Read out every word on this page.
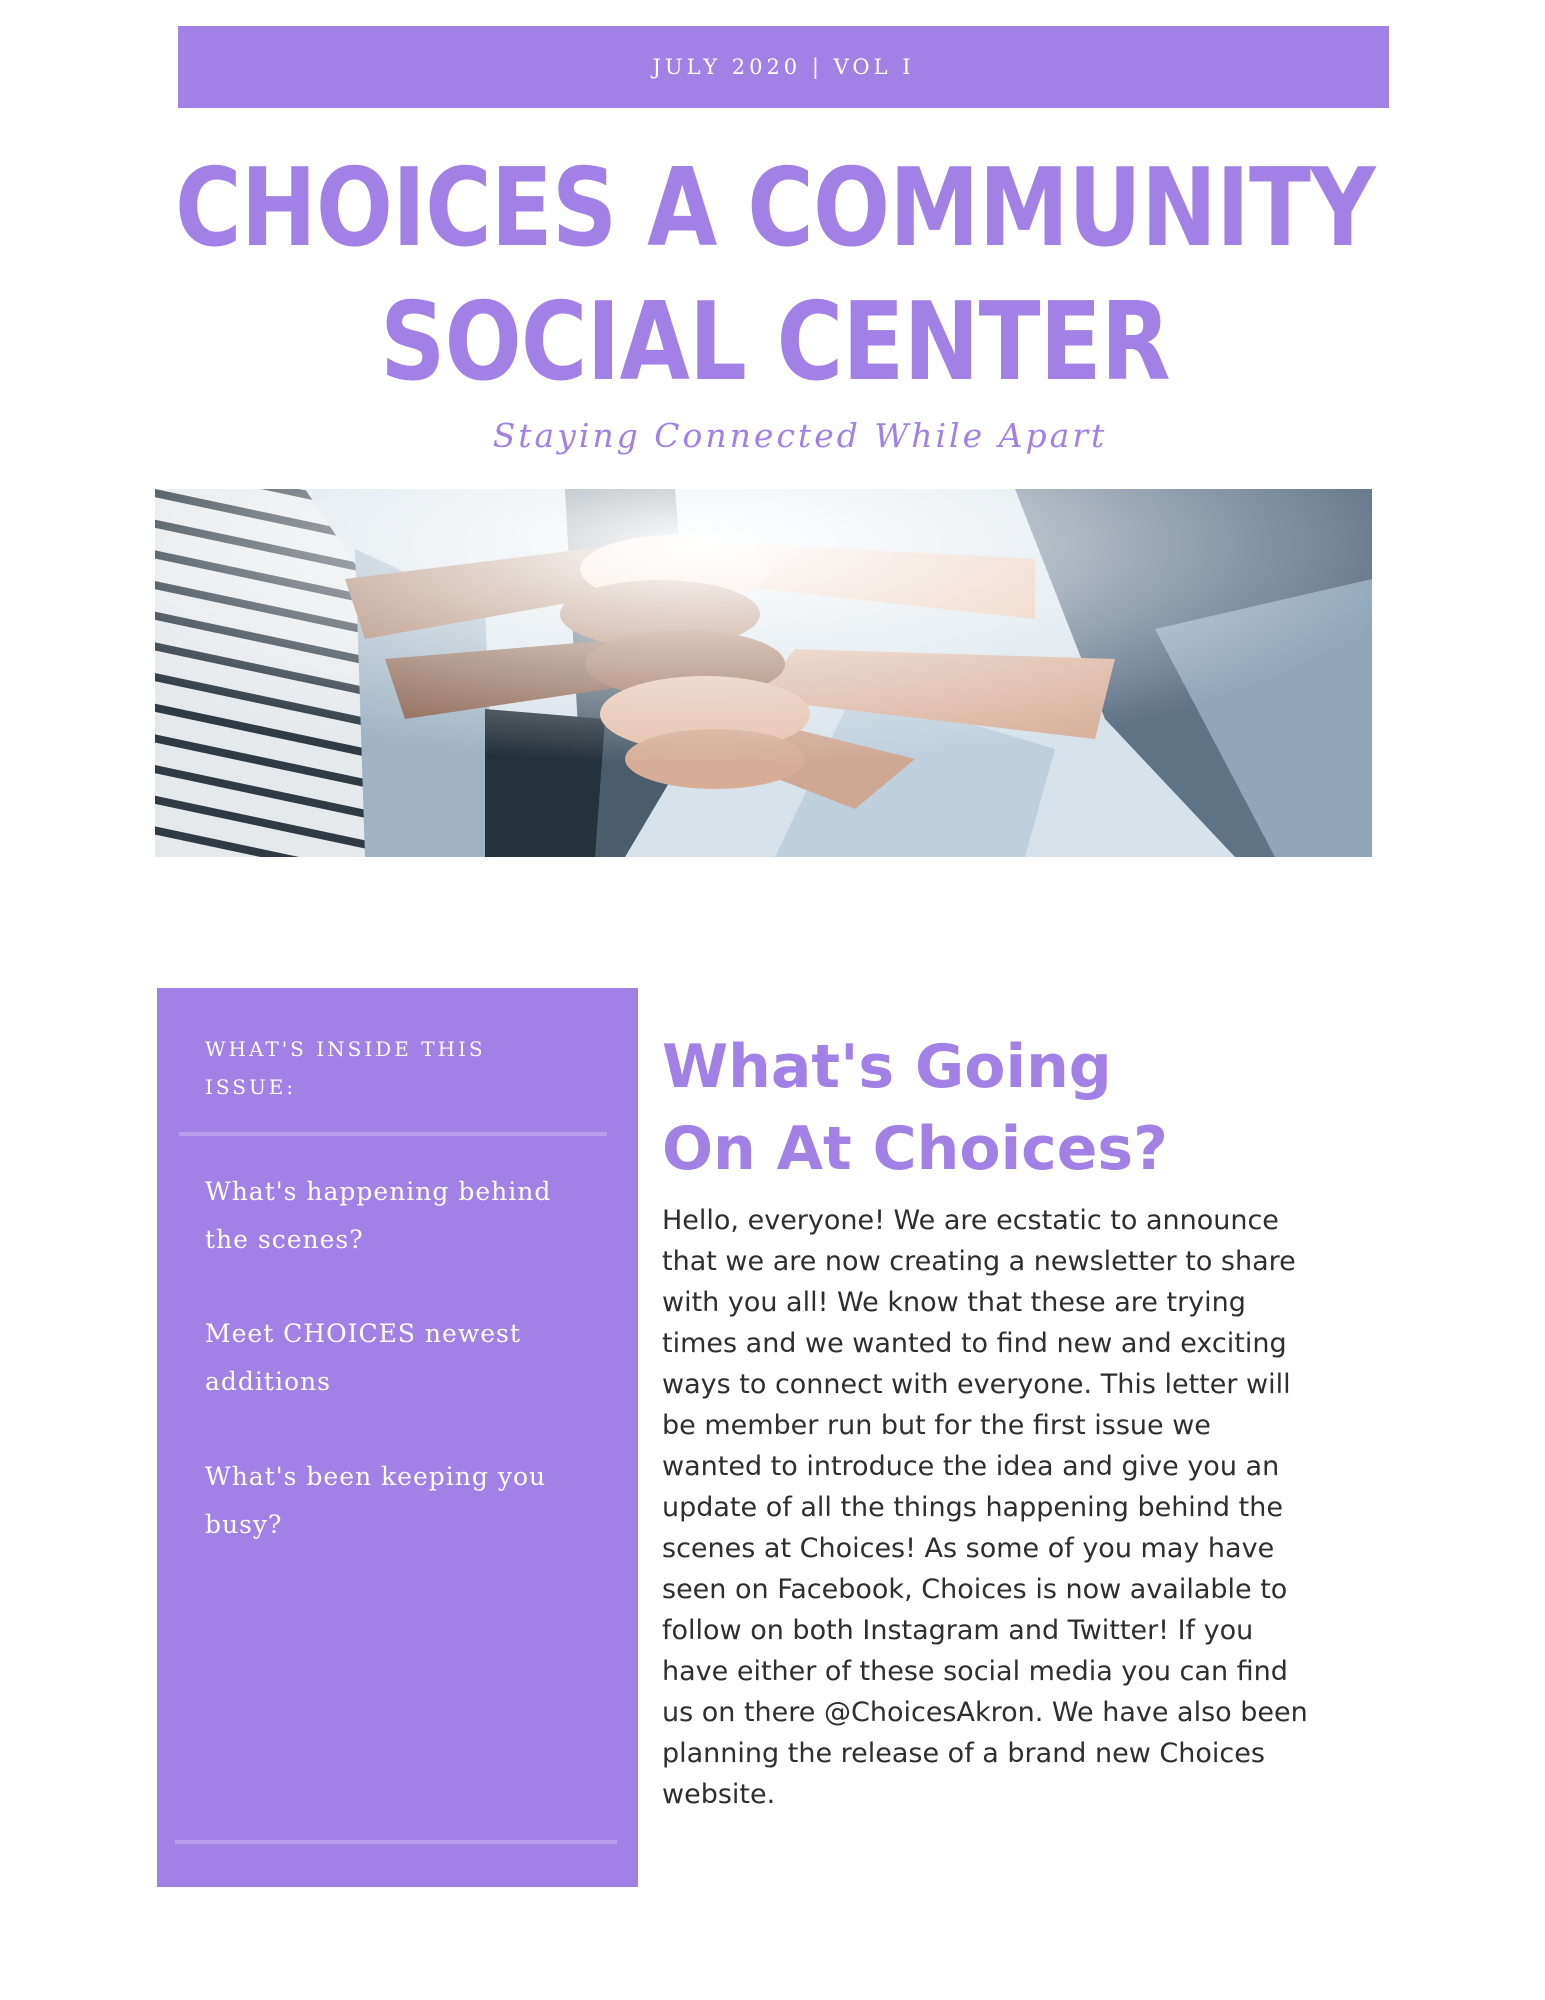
JULY 2020 | VOL I
CHOICES A COMMUNITY
SOCIAL CENTER
Staying Connected While Apart
WHAT'S INSIDE THIS ISSUE:
What's happening behind the scenes?
Meet CHOICES newest additions
What's been keeping you busy?
What's Going
On At Choices?

Hello, everyone! We are ecstatic to announce that we are now creating a newsletter to share with you all! We know that these are trying times and we wanted to find new and exciting ways to connect with everyone. This letter will be member run but for the first issue we wanted to introduce the idea and give you an update of all the things happening behind the scenes at Choices! As some of you may have seen on Facebook, Choices is now available to follow on both Instagram and Twitter! If you have either of these social media you can find us on there @ChoicesAkron. We have also been planning the release of a brand new Choices website.
